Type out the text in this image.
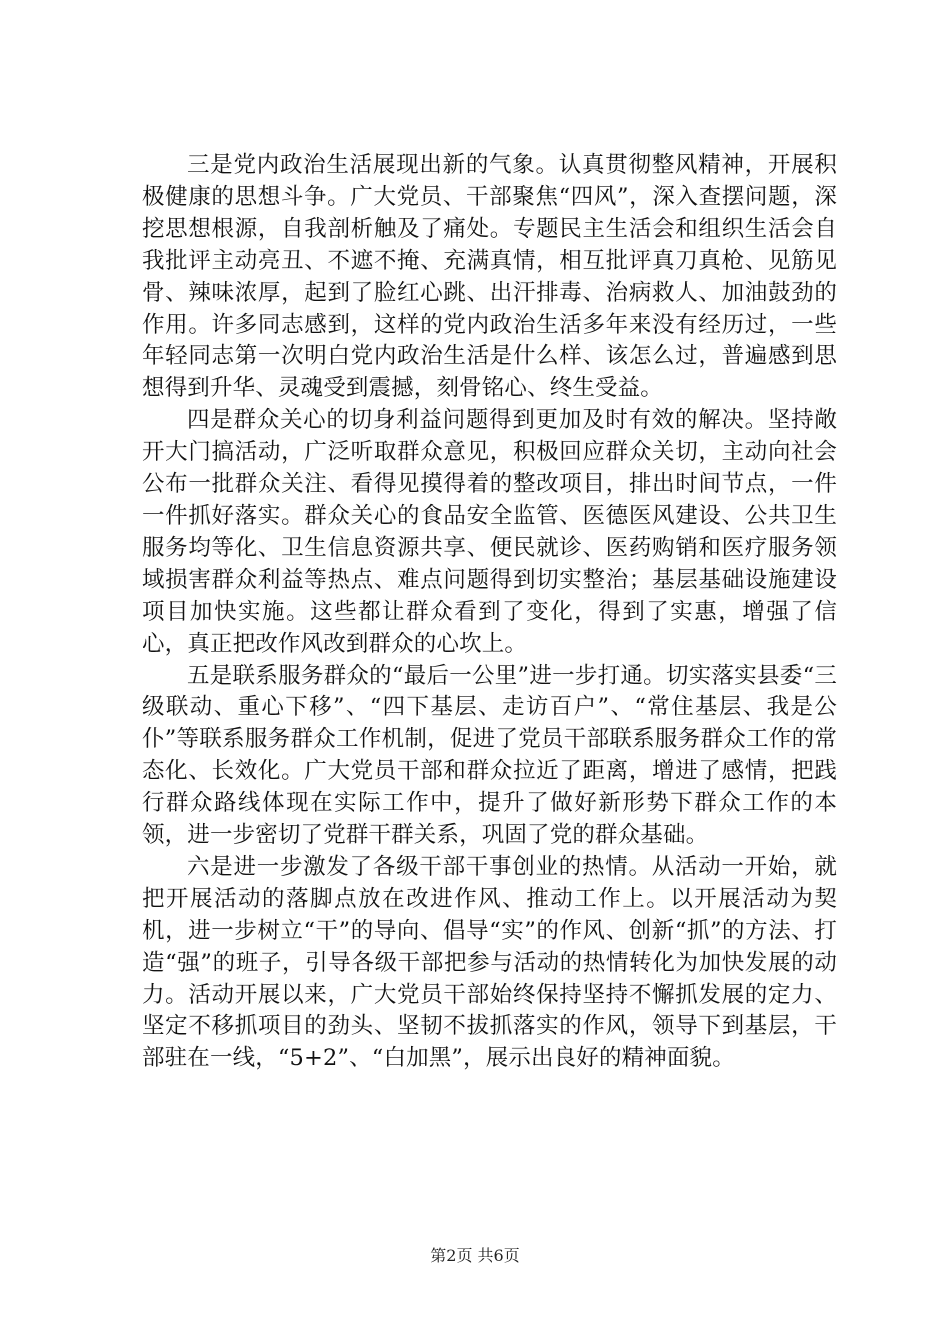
三是党内政治生活展现出新的气象。认真贯彻整风精神，开展积极健康的思想斗争。广大党员、干部聚焦“四风”，深入查摆问题，深挖思想根源，自我剖析触及了痛处。专题民主生活会和组织生活会自我批评主动亮丑、不遮不掩、充满真情，相互批评真刀真枪、见筋见骨、辣味浓厚，起到了脸红心跳、出汗排毒、治病救人、加油鼓劲的作用。许多同志感到，这样的党内政治生活多年来没有经历过，一些年轻同志第一次明白党内政治生活是什么样、该怎么过，普遍感到思想得到升华、灵魂受到震撼，刻骨铭心、终生受益。

四是群众关心的切身利益问题得到更加及时有效的解决。坚持敞开大门搞活动，广泛听取群众意见，积极回应群众关切，主动向社会公布一批群众关注、看得见摸得着的整改项目，排出时间节点，一件一件抓好落实。群众关心的食品安全监管、医德医风建设、公共卫生服务均等化、卫生信息资源共享、便民就诊、医药购销和医疗服务领域损害群众利益等热点、难点问题得到切实整治；基层基础设施建设项目加快实施。这些都让群众看到了变化，得到了实惠，增强了信心，真正把改作风改到群众的心坎上。

五是联系服务群众的“最后一公里”进一步打通。切实落实县委“三级联动、重心下移”、“四下基层、走访百户”、“常住基层、我是公仆”等联系服务群众工作机制，促进了党员干部联系服务群众工作的常态化、长效化。广大党员干部和群众拉近了距离，增进了感情，把践行群众路线体现在实际工作中，提升了做好新形势下群众工作的本领，进一步密切了党群干群关系，巩固了党的群众基础。

六是进一步激发了各级干部干事创业的热情。从活动一开始，就把开展活动的落脚点放在改进作风、推动工作上。以开展活动为契机，进一步树立“干”的导向、倡导“实”的作风、创新“抓”的方法、打造“强”的班子，引导各级干部把参与活动的热情转化为加快发展的动力。活动开展以来，广大党员干部始终保持坚持不懈抓发展的定力、坚定不移抓项目的劲头、坚韧不拔抓落实的作风，领导下到基层，干部驻在一线，“5+2”、“白加黑”，展示出良好的精神面貌。

第2页 共6页
